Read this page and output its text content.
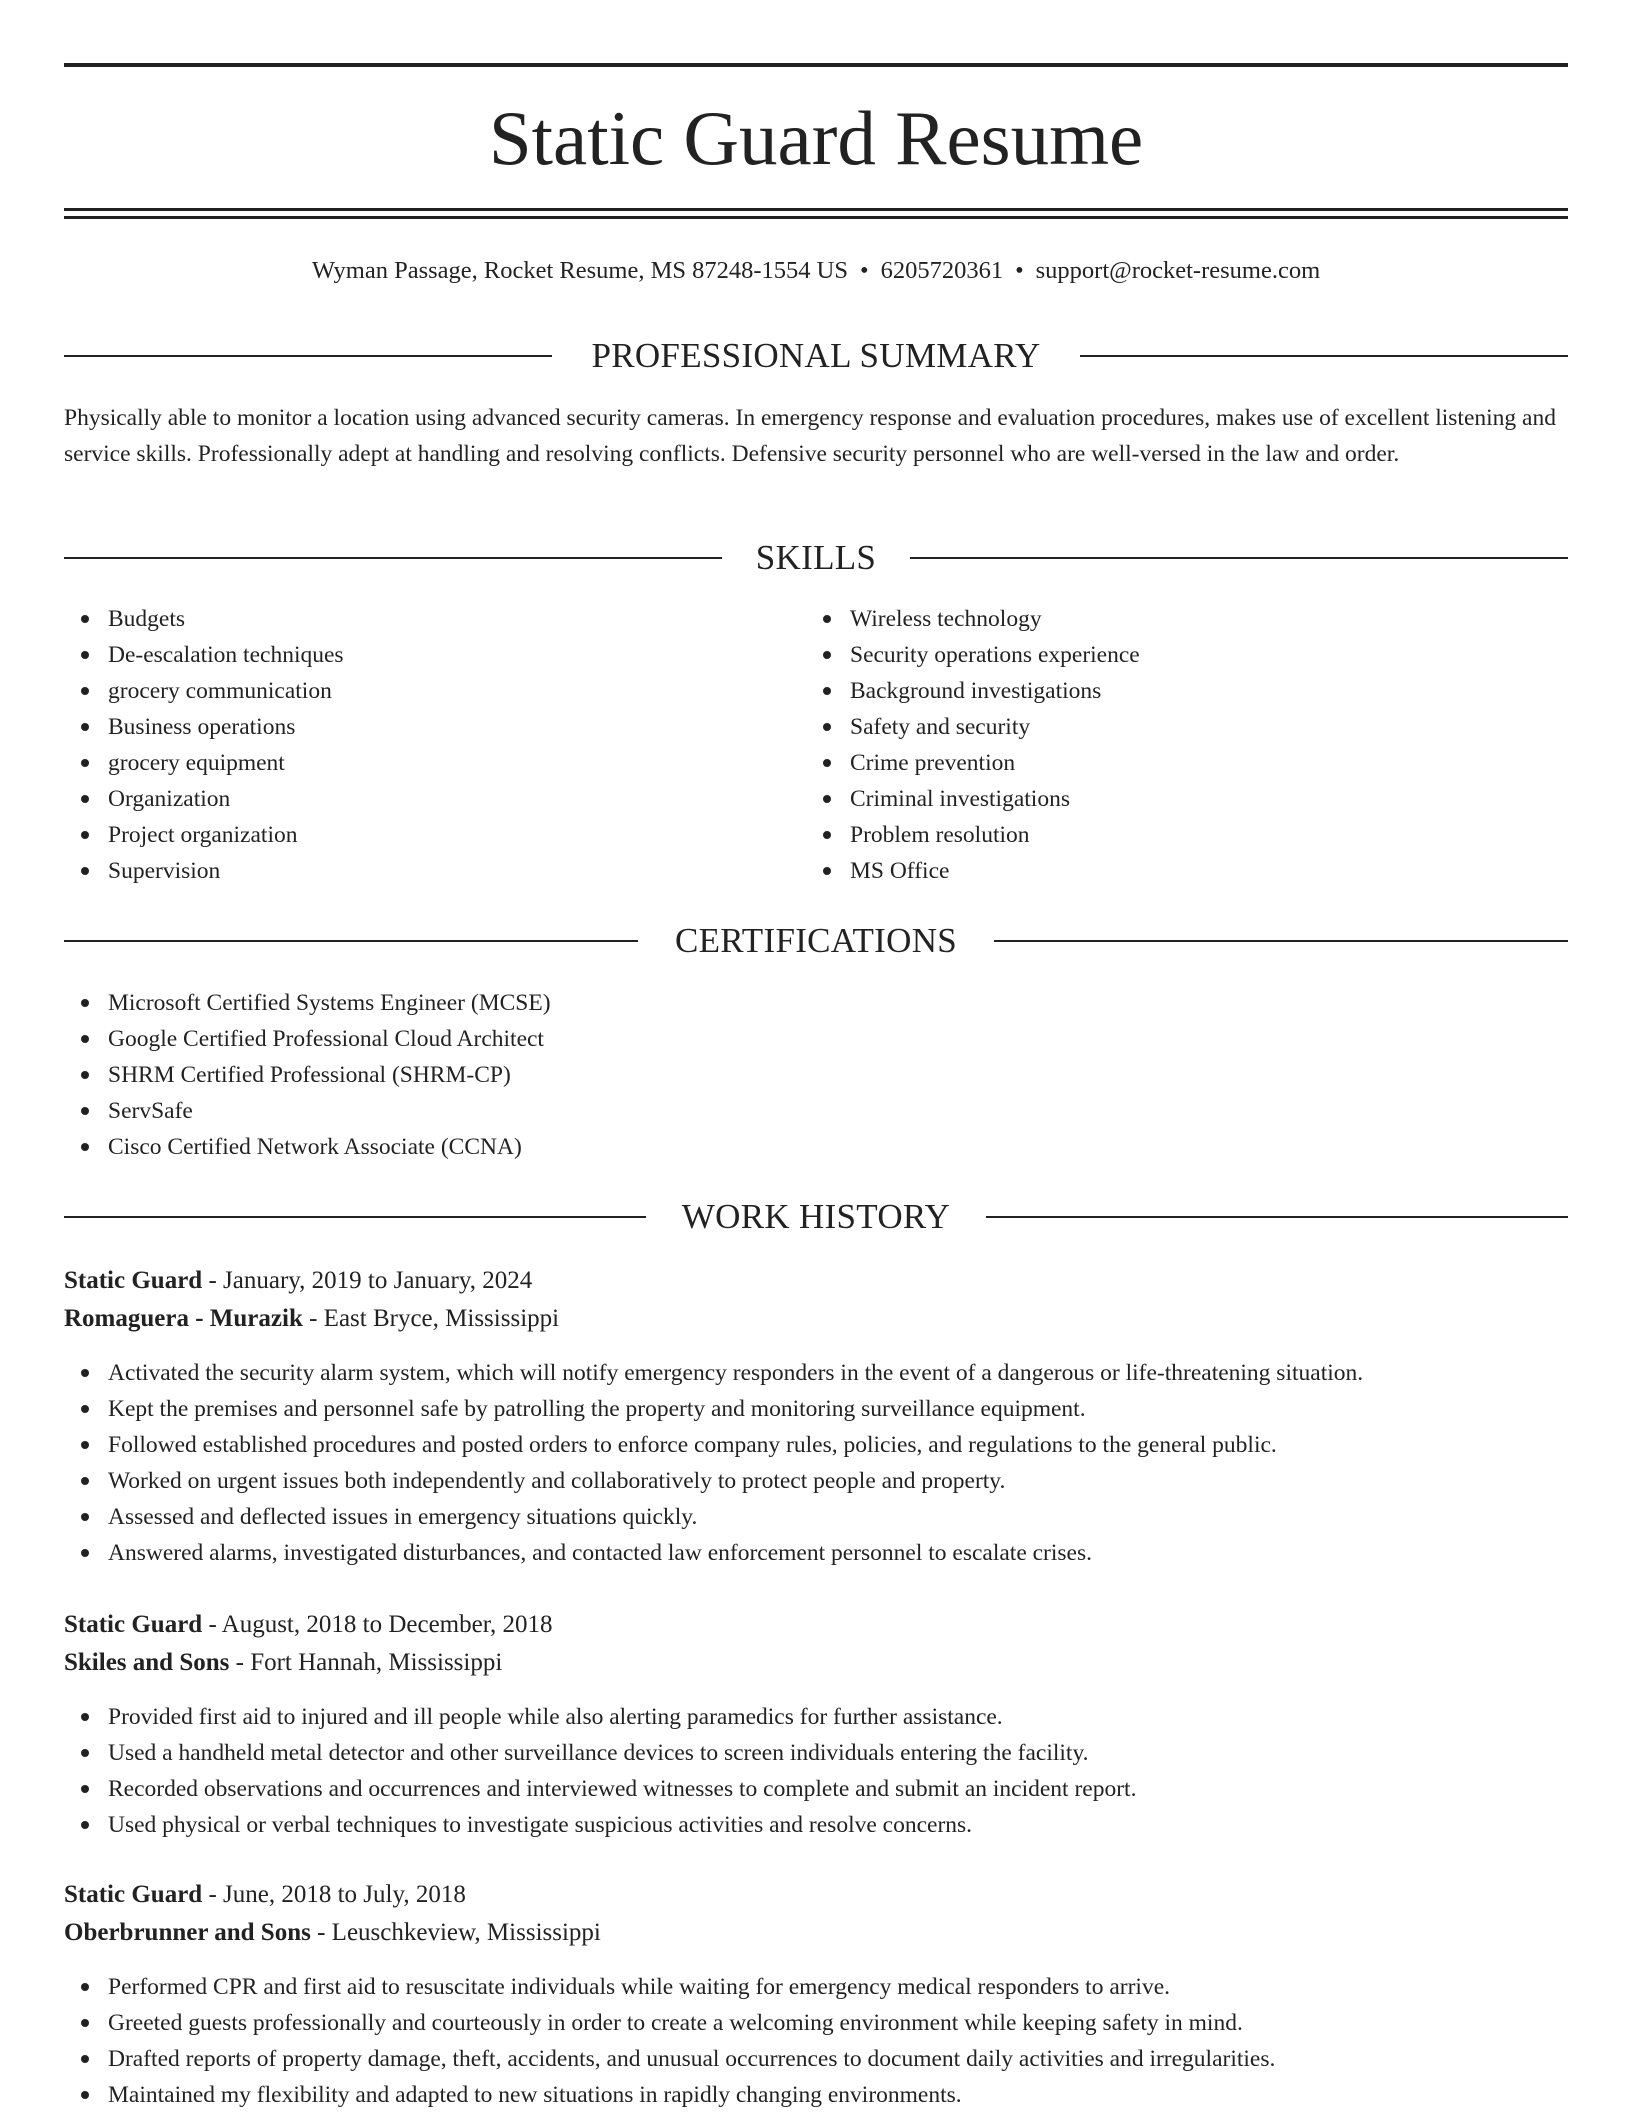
Static Guard Resume
Wyman Passage, Rocket Resume, MS 87248-1554 US • 6205720361 • support@rocket-resume.com
PROFESSIONAL SUMMARY

Physically able to monitor a location using advanced security cameras. In emergency response and evaluation procedures, makes use of excellent listening and service skills. Professionally adept at handling and resolving conflicts. Defensive security personnel who are well-versed in the law and order.

SKILLS
Budgets
De-escalation techniques
grocery communication
Business operations
grocery equipment
Organization
Project organization
Supervision
Wireless technology
Security operations experience
Background investigations
Safety and security
Crime prevention
Criminal investigations
Problem resolution
MS Office
CERTIFICATIONS
Microsoft Certified Systems Engineer (MCSE)
Google Certified Professional Cloud Architect
SHRM Certified Professional (SHRM-CP)
ServSafe
Cisco Certified Network Associate (CCNA)
WORK HISTORY
Static Guard - January, 2019 to January, 2024
Romaguera - Murazik - East Bryce, Mississippi
Activated the security alarm system, which will notify emergency responders in the event of a dangerous or life-threatening situation.
Kept the premises and personnel safe by patrolling the property and monitoring surveillance equipment.
Followed established procedures and posted orders to enforce company rules, policies, and regulations to the general public.
Worked on urgent issues both independently and collaboratively to protect people and property.
Assessed and deflected issues in emergency situations quickly.
Answered alarms, investigated disturbances, and contacted law enforcement personnel to escalate crises.
Static Guard - August, 2018 to December, 2018
Skiles and Sons - Fort Hannah, Mississippi
Provided first aid to injured and ill people while also alerting paramedics for further assistance.
Used a handheld metal detector and other surveillance devices to screen individuals entering the facility.
Recorded observations and occurrences and interviewed witnesses to complete and submit an incident report.
Used physical or verbal techniques to investigate suspicious activities and resolve concerns.
Static Guard - June, 2018 to July, 2018
Oberbrunner and Sons - Leuschkeview, Mississippi
Performed CPR and first aid to resuscitate individuals while waiting for emergency medical responders to arrive.
Greeted guests professionally and courteously in order to create a welcoming environment while keeping safety in mind.
Drafted reports of property damage, theft, accidents, and unusual occurrences to document daily activities and irregularities.
Maintained my flexibility and adapted to new situations in rapidly changing environments.
